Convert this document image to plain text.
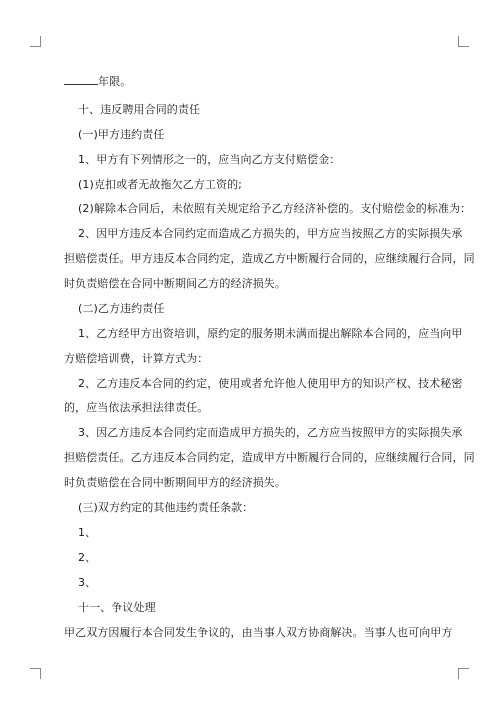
年限。
十、违反聘用合同的责任
(一)甲方违约责任
1、甲方有下列情形之一的，应当向乙方支付赔偿金：
(1)克扣或者无故拖欠乙方工资的;
(2)解除本合同后，未依照有关规定给予乙方经济补偿的。支付赔偿金的标准为：
2、因甲方违反本合同约定而造成乙方损失的，甲方应当按照乙方的实际损失承
担赔偿责任。甲方违反本合同约定，造成乙方中断履行合同的，应继续履行合同，同
时负责赔偿在合同中断期间乙方的经济损失。
(二)乙方违约责任
1、乙方经甲方出资培训，原约定的服务期未满而提出解除本合同的，应当向甲
方赔偿培训费，计算方式为：
2、乙方违反本合同的约定，使用或者允许他人使用甲方的知识产权、技术秘密
的，应当依法承担法律责任。
3、因乙方违反本合同约定而造成甲方损失的，乙方应当按照甲方的实际损失承
担赔偿责任。乙方违反本合同约定，造成甲方中断履行合同的，应继续履行合同，同
时负责赔偿在合同中断期间甲方的经济损失。
(三)双方约定的其他违约责任条款：
1、
2、
3、
十一、争议处理
甲乙双方因履行本合同发生争议的，由当事人双方协商解决。当事人也可向甲方
